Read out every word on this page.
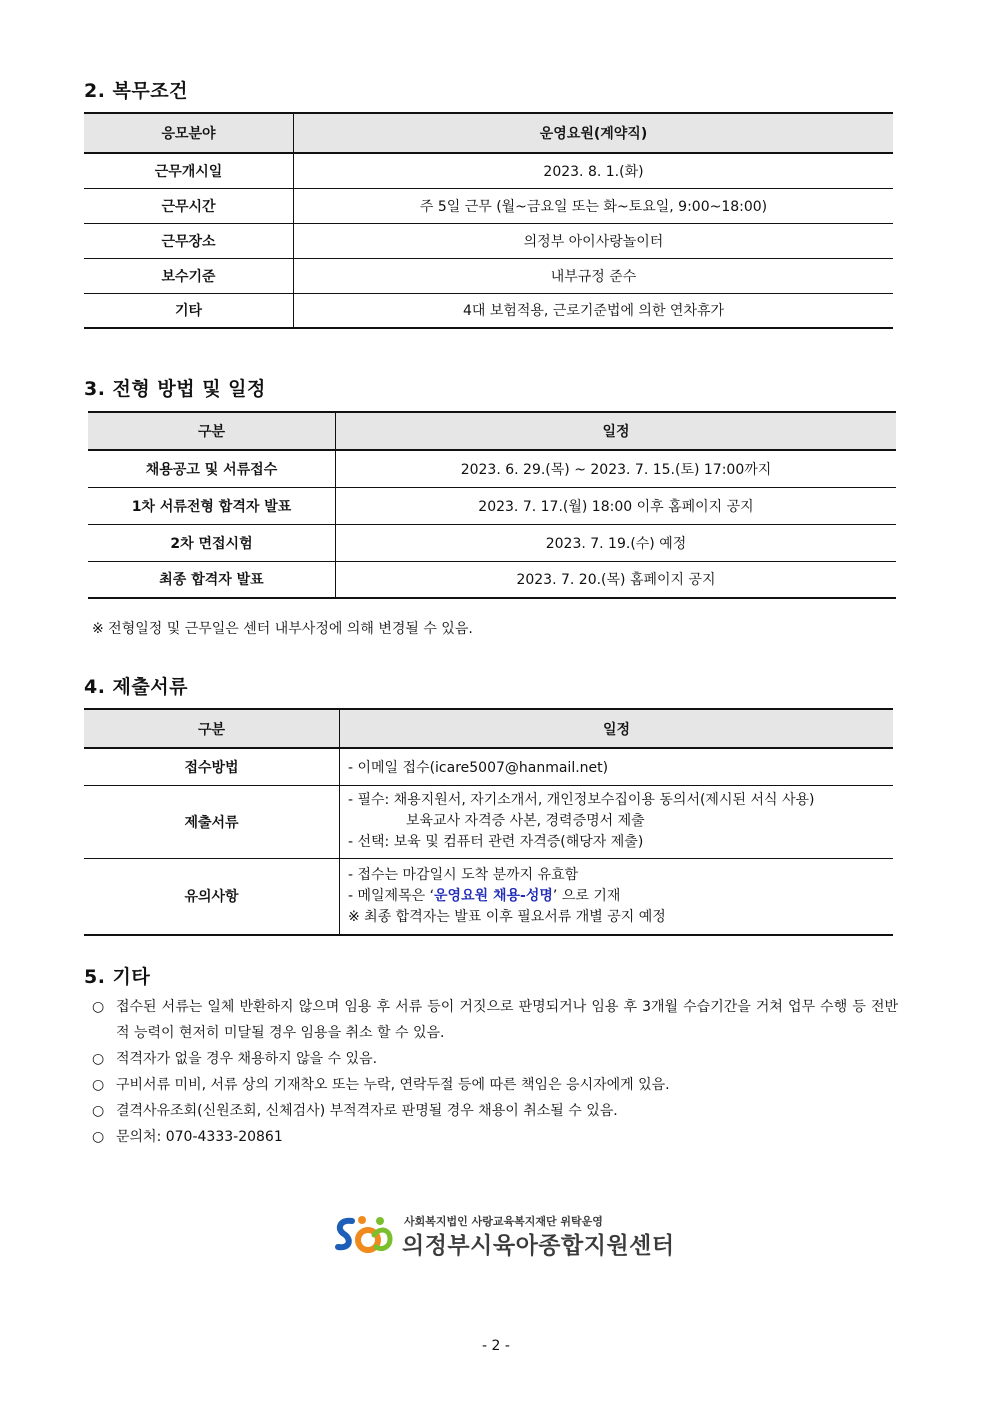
2. 복무조건
응모분야	운영요원(계약직)
근무개시일	2023. 8. 1.(화)
근무시간	주 5일 근무 (월~금요일 또는 화~토요일, 9:00~18:00)
근무장소	의정부 아이사랑놀이터
보수기준	내부규정 준수
기타	4대 보험적용, 근로기준법에 의한 연차휴가
3. 전형 방법 및 일정
구분	일정
채용공고 및 서류접수	2023. 6. 29.(목) ~ 2023. 7. 15.(토) 17:00까지
1차 서류전형 합격자 발표	2023. 7. 17.(월) 18:00 이후 홈페이지 공지
2차 면접시험	2023. 7. 19.(수) 예정
최종 합격자 발표	2023. 7. 20.(목) 홈페이지 공지
※ 전형일정 및 근무일은 센터 내부사정에 의해 변경될 수 있음.
4. 제출서류
구분	일정
접수방법	- 이메일 접수(icare5007@hanmail.net)
제출서류	- 필수: 채용지원서, 자기소개서, 개인정보수집이용 동의서(제시된 서식 사용)
보육교사 자격증 사본, 경력증명서 제출
- 선택: 보육 및 컴퓨터 관련 자격증(해당자 제출)

유의사항	- 접수는 마감일시 도착 분까지 유효함
- 메일제목은 ‘운영요원 채용-성명’ 으로 기재
※ 최종 합격자는 발표 이후 필요서류 개별 공지 예정
5. 기타
○ 접수된 서류는 일체 반환하지 않으며 임용 후 서류 등이 거짓으로 판명되거나 임용 후 3개월 수습기간을 거쳐 업무 수행 등 전반적 능력이 현저히 미달될 경우 임용을 취소 할 수 있음.
○ 적격자가 없을 경우 채용하지 않을 수 있음.
○ 구비서류 미비, 서류 상의 기재착오 또는 누락, 연락두절 등에 따른 책임은 응시자에게 있음.
○ 결격사유조회(신원조회, 신체검사) 부적격자로 판명될 경우 채용이 취소될 수 있음.
○ 문의처: 070-4333-20861
사회복지법인 사랑교육복지재단 위탁운영
의정부시육아종합지원센터
- 2 -
